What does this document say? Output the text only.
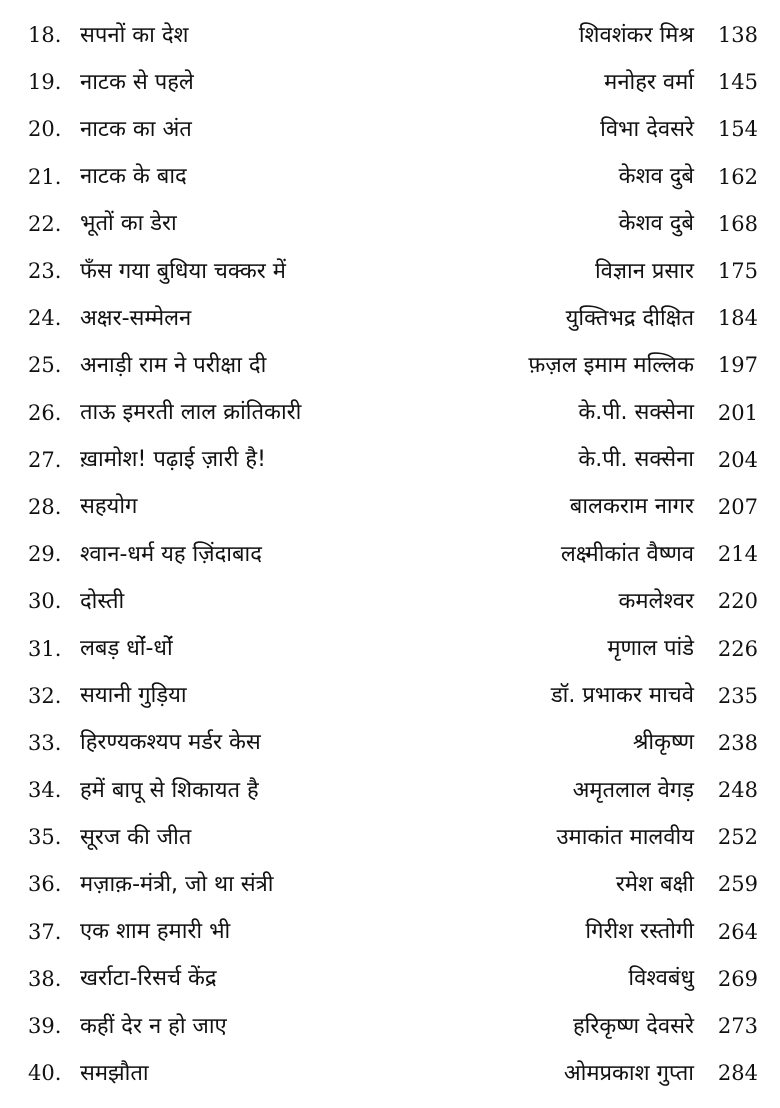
18. सपनों का देश	शिवशंकर मिश्र	138
19. नाटक से पहले	मनोहर वर्मा	145
20. नाटक का अंत	विभा देवसरे	154
21. नाटक के बाद	केशव दुबे	162
22. भूतों का डेरा	केशव दुबे	168
23. फँस गया बुधिया चक्कर में	विज्ञान प्रसार	175
24. अक्षर-सम्मेलन	युक्तिभद्र दीक्षित	184
25. अनाड़ी राम ने परीक्षा दी	फ़ज़ल इमाम मल्लिक	197
26. ताऊ इमरती लाल क्रांतिकारी	के.पी. सक्सेना	201
27. ख़ामोश! पढ़ाई ज़ारी है!	के.पी. सक्सेना	204
28. सहयोग	बालकराम नागर	207
29. श्वान-धर्म यह ज़िंदाबाद	लक्ष्मीकांत वैष्णव	214
30. दोस्ती	कमलेश्वर	220
31. लबड़ धोंं-धोंं	मृणाल पांडे	226
32. सयानी गुड़िया	डॉ. प्रभाकर माचवे	235
33. हिरण्यकश्यप मर्डर केस	श्रीकृष्ण	238
34. हमें बापू से शिकायत है	अमृतलाल वेगड़	248
35. सूरज की जीत	उमाकांत मालवीय	252
36. मज़ाक़-मंत्री, जो था संत्री	रमेश बक्षी	259
37. एक शाम हमारी भी	गिरीश रस्तोगी	264
38. खर्राटा-रिसर्च केंद्र	विश्वबंधु	269
39. कहीं देर न हो जाए	हरिकृष्ण देवसरे	273
40. समझौता	ओमप्रकाश गुप्ता	284
